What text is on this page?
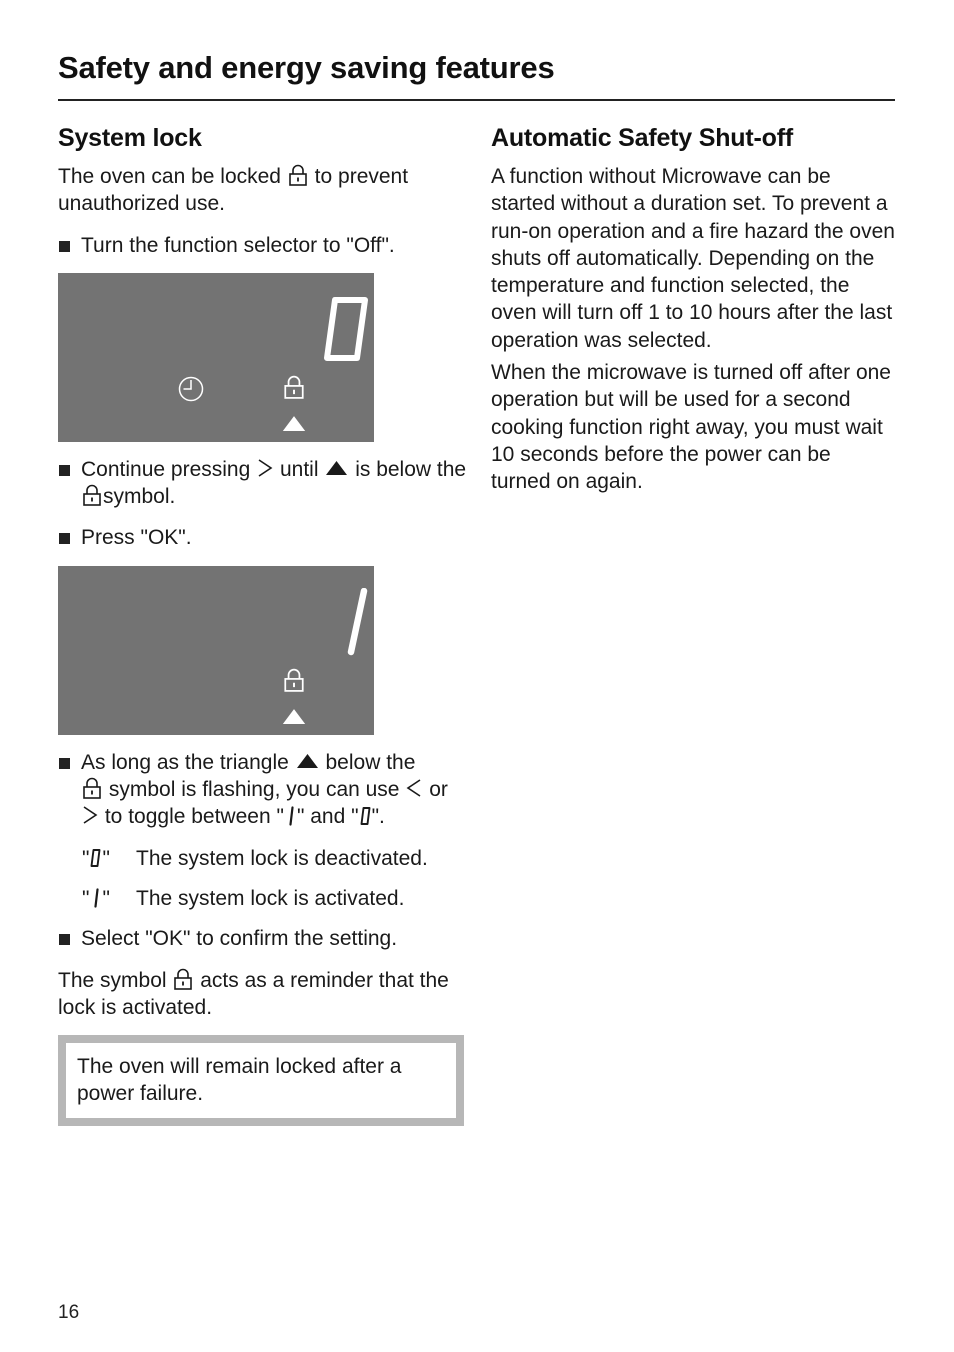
Safety and energy saving features
System lock

The oven can be locked to prevent unauthorized use.

Turn the function selector to "Off".
Continue pressing until is below the symbol.
Press "OK".
As long as the triangle below the
symbol is flashing, you can use or  to toggle between " " and " ".
" " The system lock is deactivated.
" " The system lock is activated.
Select "OK" to confirm the setting.

The symbol acts as a reminder that the lock is activated.

The oven will remain locked after a power failure.
Automatic Safety Shut-off

A function without Microwave can be started without a duration set. To prevent a run-on operation and a fire hazard the oven shuts off automatically. Depending on the temperature and function selected, the oven will turn off 1 to 10 hours after the last operation was selected.

When the microwave is turned off after one operation but will be used for a second cooking function right away, you must wait 10 seconds before the power can be turned on again.

16
